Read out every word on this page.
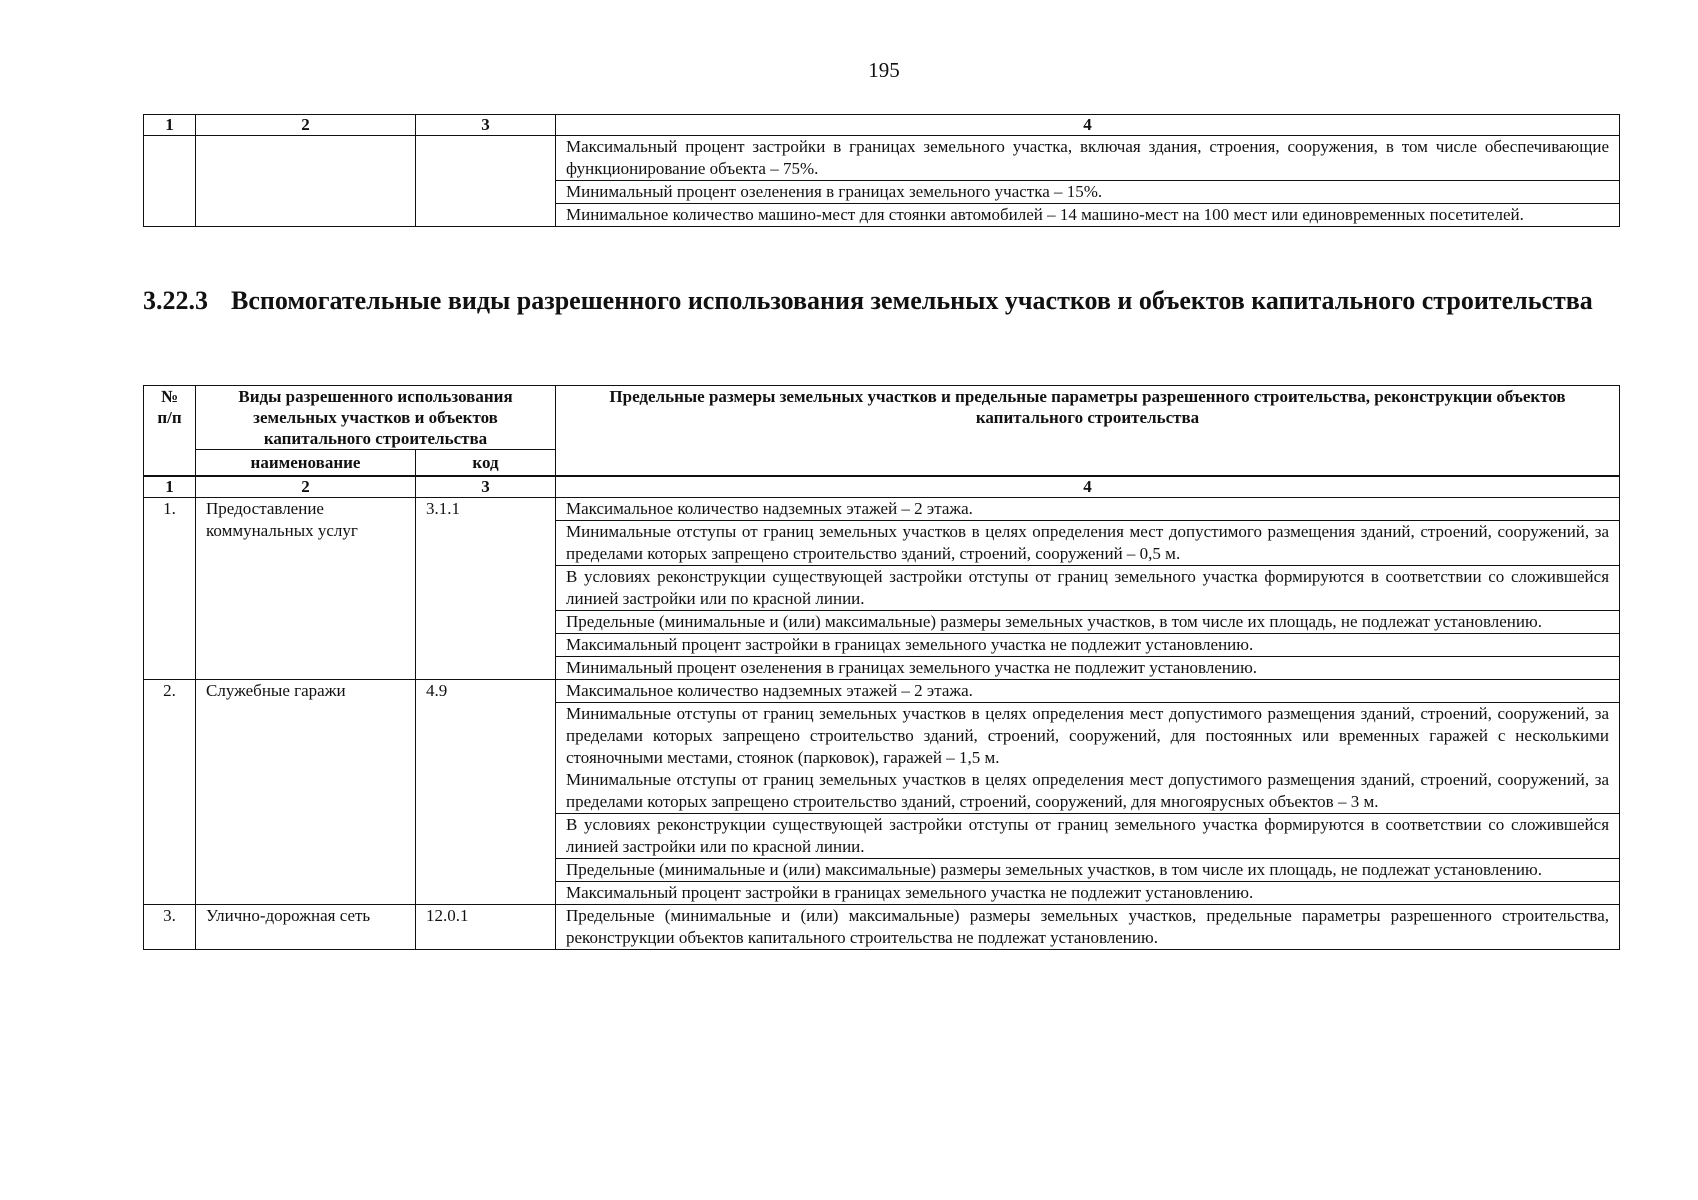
195
1	2	3	4
			Максимальный процент застройки в границах земельного участка, включая здания, строения, сооружения, в том числе обеспечивающие функционирование объекта – 75%.
			Минимальный процент озеленения в границах земельного участка – 15%.
			Минимальное количество машино-мест для стоянки автомобилей – 14 машино-мест на 100 мест или единовременных посетителей.
3.22.3 Вспомогательные виды разрешенного использования земельных участков и объектов капитального строительства
№ п/п	Виды разрешенного использования земельных участков и объектов капитального строительства		Предельные размеры земельных участков и предельные параметры разрешенного строительства, реконструкции объектов капитального строительства
	наименование	код	
1	2	3	4
1.	Предоставление коммунальных услуг	3.1.1	Максимальное количество надземных этажей – 2 этажа.
			Минимальные отступы от границ земельных участков в целях определения мест допустимого размещения зданий, строений, сооружений, за пределами которых запрещено строительство зданий, строений, сооружений – 0,5 м.
			В условиях реконструкции существующей застройки отступы от границ земельного участка формируются в соответствии со сложившейся линией застройки или по красной линии.
			Предельные (минимальные и (или) максимальные) размеры земельных участков, в том числе их площадь, не подлежат установлению.
			Максимальный процент застройки в границах земельного участка не подлежит установлению.
			Минимальный процент озеленения в границах земельного участка не подлежит установлению.
2.	Служебные гаражи	4.9	Максимальное количество надземных этажей – 2 этажа.
			Минимальные отступы от границ земельных участков в целях определения мест допустимого размещения зданий, строений, сооружений, за пределами которых запрещено строительство зданий, строений, сооружений, для постоянных или временных гаражей с несколькими стояночными местами, стоянок (парковок), гаражей – 1,5 м.
Минимальные отступы от границ земельных участков в целях определения мест допустимого размещения зданий, строений, сооружений, за пределами которых запрещено строительство зданий, строений, сооружений, для многоярусных объектов – 3 м.
			В условиях реконструкции существующей застройки отступы от границ земельного участка формируются в соответствии со сложившейся линией застройки или по красной линии.
			Предельные (минимальные и (или) максимальные) размеры земельных участков, в том числе их площадь, не подлежат установлению.
			Максимальный процент застройки в границах земельного участка не подлежит установлению.
3.	Улично-дорожная сеть	12.0.1	Предельные (минимальные и (или) максимальные) размеры земельных участков, предельные параметры разрешенного строительства, реконструкции объектов капитального строительства не подлежат установлению.
